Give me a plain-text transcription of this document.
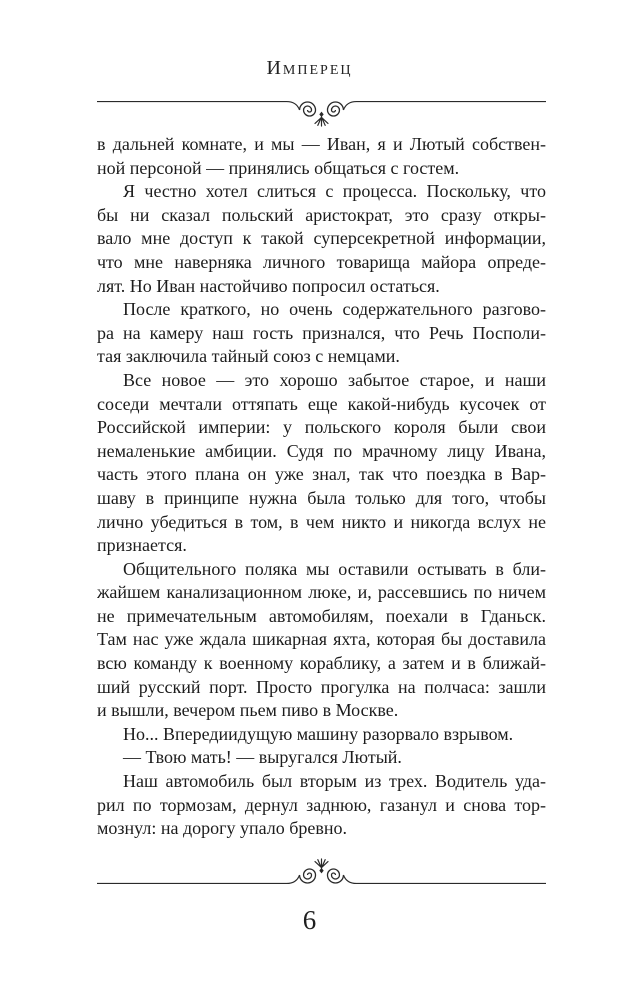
Имперец
в дальней комнате, и мы — Иван, я и Лютый собствен-
ной персоной — принялись общаться с гостем.
Я честно хотел слиться с процесса. Поскольку, что
бы ни сказал польский аристократ, это сразу откры-
вало мне доступ к такой суперсекретной информации,
что мне наверняка личного товарища майора опреде-
лят. Но Иван настойчиво попросил остаться.
После краткого, но очень содержательного разгово-
ра на камеру наш гость признался, что Речь Посполи-
тая заключила тайный союз с немцами.
Все новое — это хорошо забытое старое, и наши
соседи мечтали оттяпать еще какой-нибудь кусочек от
Российской империи: у польского короля были свои
немаленькие амбиции. Судя по мрачному лицу Ивана,
часть этого плана он уже знал, так что поездка в Вар-
шаву в принципе нужна была только для того, чтобы
лично убедиться в том, в чем никто и никогда вслух не
признается.
Общительного поляка мы оставили остывать в бли-
жайшем канализационном люке, и, рассевшись по ничем
не примечательным автомобилям, поехали в Гданьск.
Там нас уже ждала шикарная яхта, которая бы доставила
всю команду к военному кораблику, а затем и в ближай-
ший русский порт. Просто прогулка на полчаса: зашли
и вышли, вечером пьем пиво в Москве.
Но... Впередиидущую машину разорвало взрывом.
— Твою мать! — выругался Лютый.
Наш автомобиль был вторым из трех. Водитель уда-
рил по тормозам, дернул заднюю, газанул и снова тор-
мознул: на дорогу упало бревно.
6
